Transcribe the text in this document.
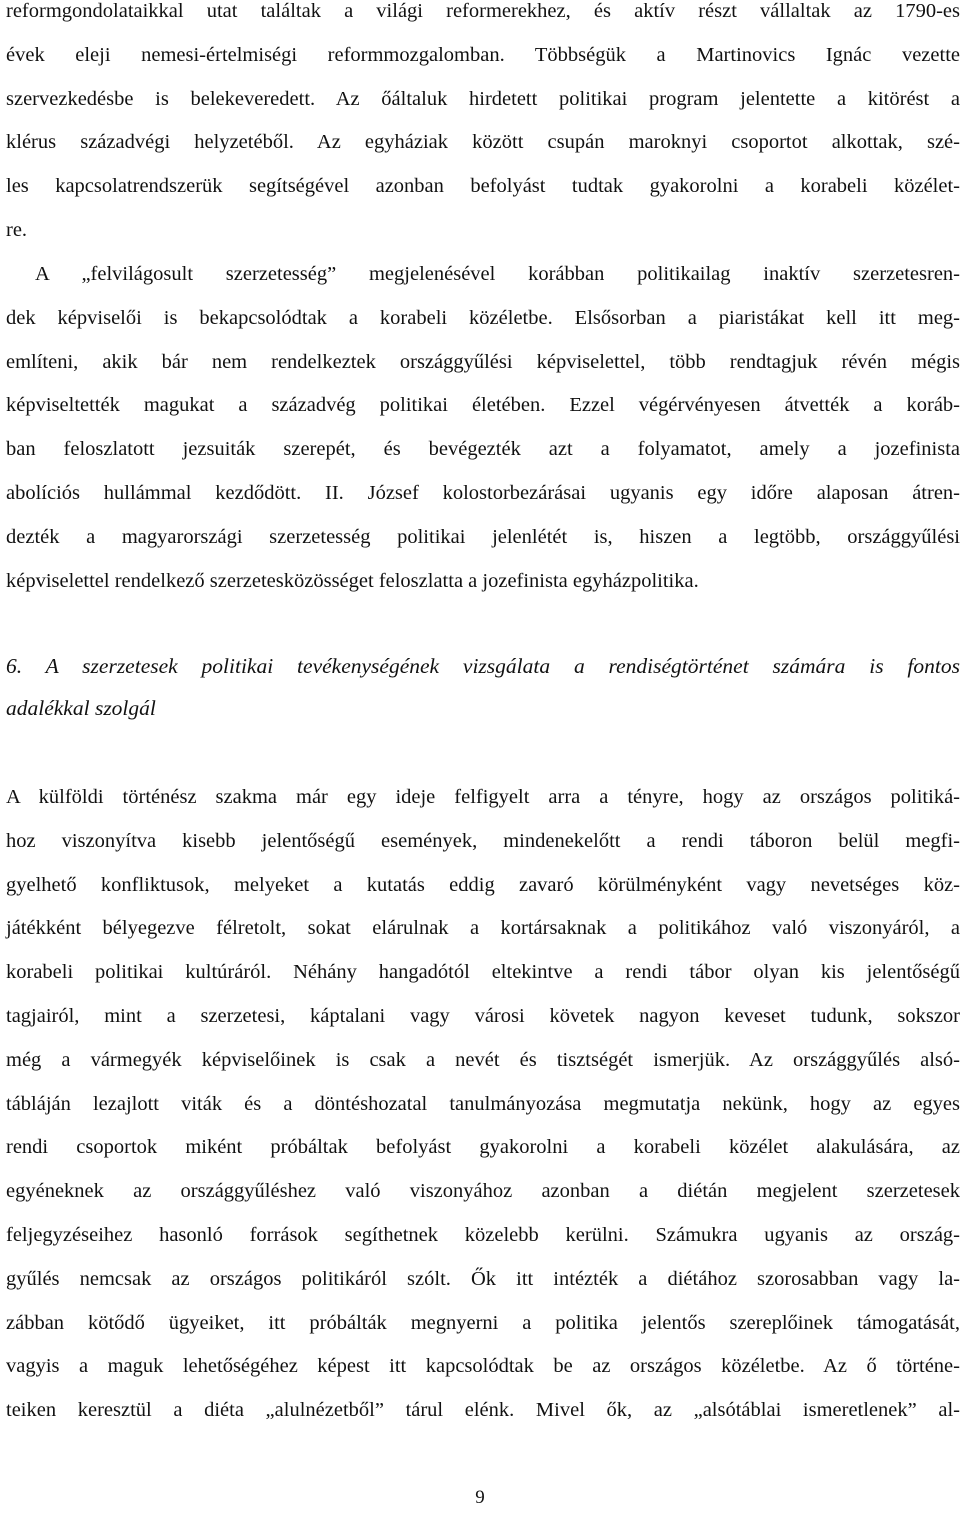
reformgondolataikkal utat találtak a világi reformerekhez, és aktív részt vállaltak az 1790-es
évek eleji nemesi-értelmiségi reformmozgalomban. Többségük a Martinovics Ignác vezette
szervezkedésbe is belekeveredett. Az őáltaluk hirdetett politikai program jelentette a kitörést a
klérus századvégi helyzetéből. Az egyháziak között csupán maroknyi csoportot alkottak, szé-
les kapcsolatrendszerük segítségével azonban befolyást tudtak gyakorolni a korabeli közélet-
re.
A „felvilágosult szerzetesség” megjelenésével korábban politikailag inaktív szerzetesren-
dek képviselői is bekapcsolódtak a korabeli közéletbe. Elsősorban a piaristákat kell itt meg-
említeni, akik bár nem rendelkeztek országgyűlési képviselettel, több rendtagjuk révén mégis
képviseltették magukat a századvég politikai életében. Ezzel végérvényesen átvették a koráb-
ban feloszlatott jezsuiták szerepét, és bevégezték azt a folyamatot, amely a jozefinista
abolíciós hullámmal kezdődött. II. József kolostorbezárásai ugyanis egy időre alaposan átren-
dezték a magyarországi szerzetesség politikai jelenlétét is, hiszen a legtöbb, országgyűlési
képviselettel rendelkező szerzetesközösséget feloszlatta a jozefinista egyházpolitika.
6. A szerzetesek politikai tevékenységének vizsgálata a rendiségtörténet számára is fontos
adalékkal szolgál
A külföldi történész szakma már egy ideje felfigyelt arra a tényre, hogy az országos politiká-
hoz viszonyítva kisebb jelentőségű események, mindenekelőtt a rendi táboron belül megfi-
gyelhető konfliktusok, melyeket a kutatás eddig zavaró körülményként vagy nevetséges köz-
játékként bélyegezve félretolt, sokat elárulnak a kortársaknak a politikához való viszonyáról, a
korabeli politikai kultúráról. Néhány hangadótól eltekintve a rendi tábor olyan kis jelentőségű
tagjairól, mint a szerzetesi, káptalani vagy városi követek nagyon keveset tudunk, sokszor
még a vármegyék képviselőinek is csak a nevét és tisztségét ismerjük. Az országgyűlés alsó-
tábláján lezajlott viták és a döntéshozatal tanulmányozása megmutatja nekünk, hogy az egyes
rendi csoportok miként próbáltak befolyást gyakorolni a korabeli közélet alakulására, az
egyéneknek az országgyűléshez való viszonyához azonban a diétán megjelent szerzetesek
feljegyzéseihez hasonló források segíthetnek közelebb kerülni. Számukra ugyanis az ország-
gyűlés nemcsak az országos politikáról szólt. Ők itt intézték a diétához szorosabban vagy la-
zábban kötődő ügyeiket, itt próbálták megnyerni a politika jelentős szereplőinek támogatását,
vagyis a maguk lehetőségéhez képest itt kapcsolódtak be az országos közéletbe. Az ő történe-
teiken keresztül a diéta „alulnézetből” tárul elénk. Mivel ők, az „alsótáblai ismeretlenek” al-
9
